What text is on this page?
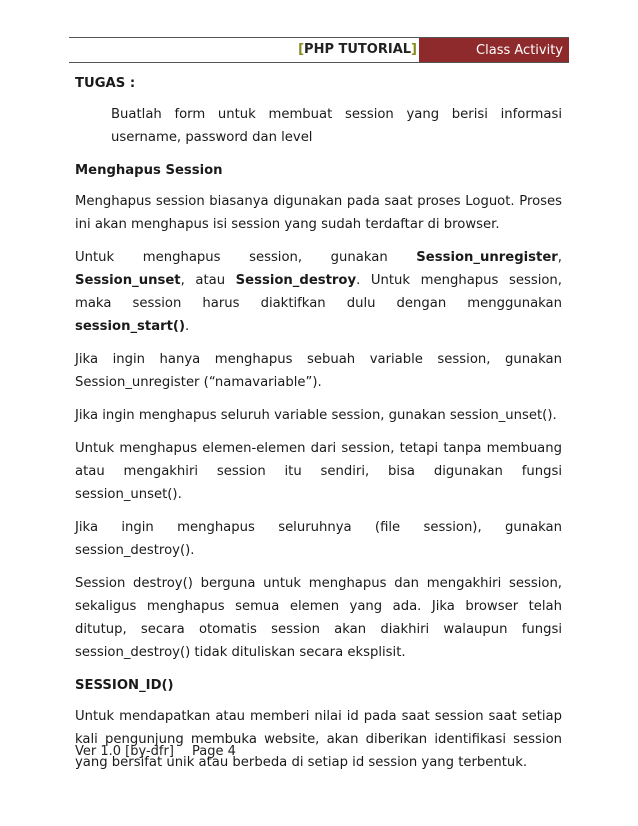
[PHP TUTORIAL]	Class Activity

TUGAS :

Buatlah form untuk membuat session yang berisi informasi username, password dan level

Menghapus Session

Menghapus session biasanya digunakan pada saat proses Loguot. Proses ini akan menghapus isi session yang sudah terdaftar di browser.

Untuk menghapus session, gunakan Session_unregister, Session_unset, atau Session_destroy. Untuk menghapus session, maka session harus diaktifkan dulu dengan menggunakan session_start().

Jika ingin hanya menghapus sebuah variable session, gunakan
Session_unregister (“namavariable”).

Jika ingin menghapus seluruh variable session, gunakan session_unset().

Untuk menghapus elemen-elemen dari session, tetapi tanpa membuang atau mengakhiri session itu sendiri, bisa digunakan fungsi session_unset().

Jika ingin menghapus seluruhnya (file session), gunakan session_destroy().

Session destroy() berguna untuk menghapus dan mengakhiri session, sekaligus menghapus semua elemen yang ada. Jika browser telah ditutup, secara otomatis session akan diakhiri walaupun fungsi session_destroy() tidak dituliskan secara eksplisit.

SESSION_ID()

Untuk mendapatkan atau memberi nilai id pada saat session saat setiap kali pengunjung membuka website, akan diberikan identifikasi session yang bersifat unik atau berbeda di setiap id session yang terbentuk.

Ver 1.0 [by-dfr] Page 4
